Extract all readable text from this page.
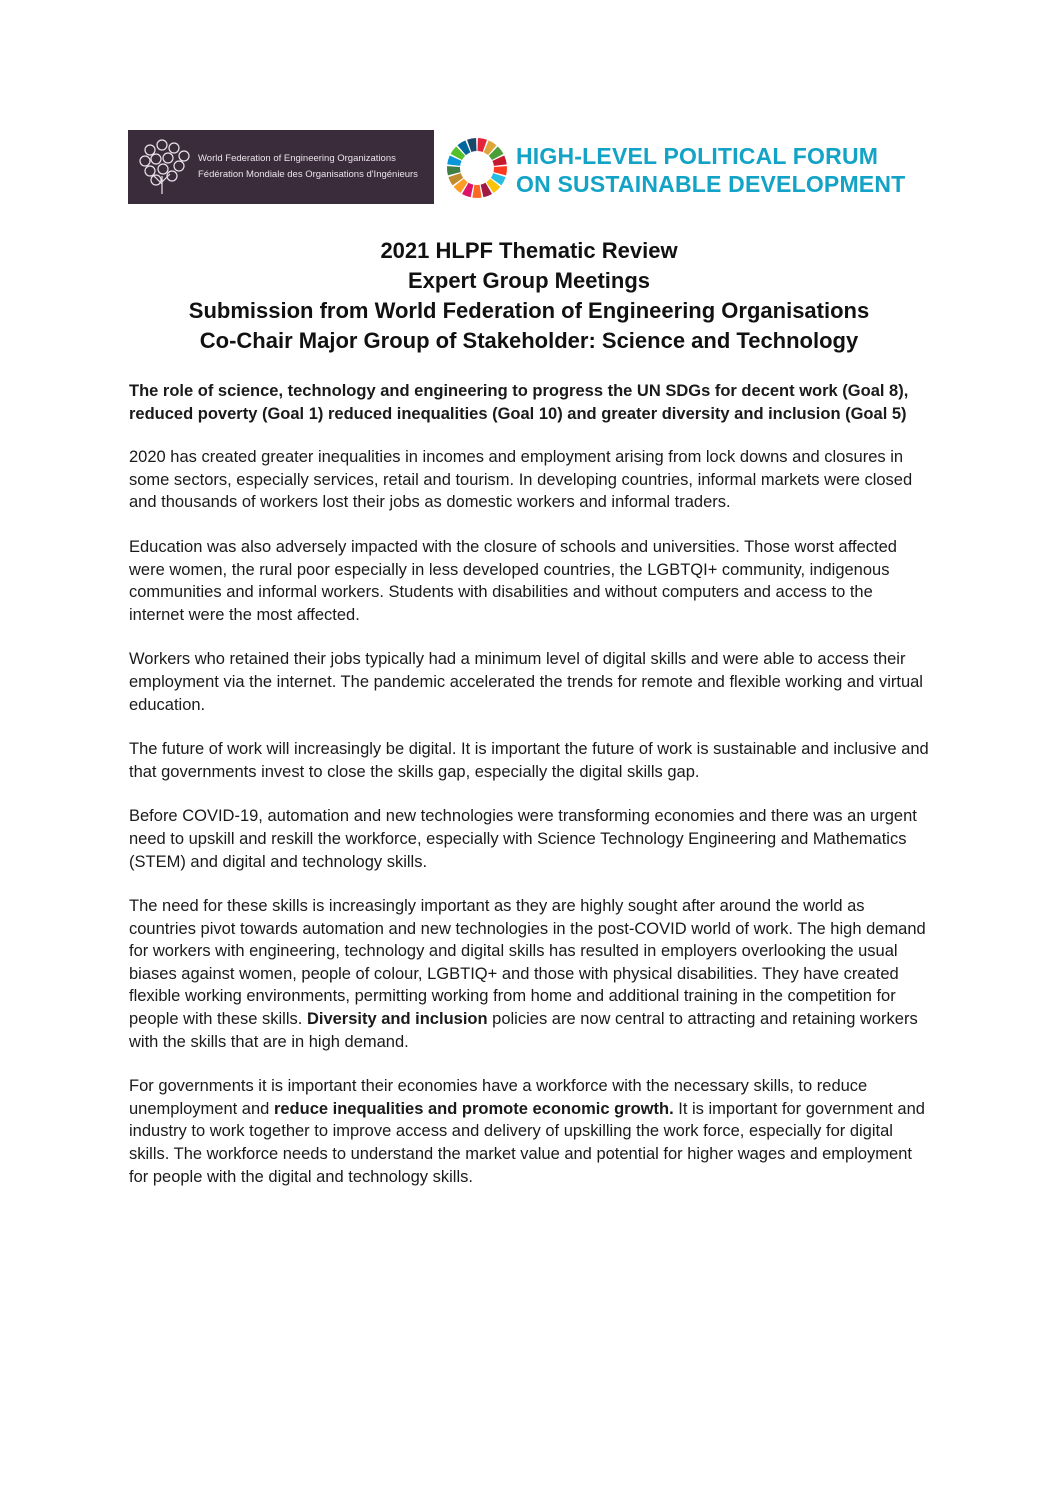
World Federation of Engineering Organizations
Fédération Mondiale des Organisations d'Ingénieurs
HIGH-LEVEL POLITICAL FORUM
ON SUSTAINABLE DEVELOPMENT
2021 HLPF Thematic Review
Expert Group Meetings
Submission from World Federation of Engineering Organisations
Co-Chair Major Group of Stakeholder: Science and Technology

The role of science, technology and engineering to progress the UN SDGs for decent work (Goal 8), reduced poverty (Goal 1) reduced inequalities (Goal 10) and greater diversity and inclusion (Goal 5)

2020 has created greater inequalities in incomes and employment arising from lock downs and closures in some sectors, especially services, retail and tourism. In developing countries, informal markets were closed and thousands of workers lost their jobs as domestic workers and informal traders.

Education was also adversely impacted with the closure of schools and universities. Those worst affected were women, the rural poor especially in less developed countries, the LGBTQI+ community, indigenous communities and informal workers. Students with disabilities and without computers and access to the internet were the most affected.

Workers who retained their jobs typically had a minimum level of digital skills and were able to access their employment via the internet. The pandemic accelerated the trends for remote and flexible working and virtual education.

The future of work will increasingly be digital. It is important the future of work is sustainable and inclusive and that governments invest to close the skills gap, especially the digital skills gap.

Before COVID-19, automation and new technologies were transforming economies and there was an urgent need to upskill and reskill the workforce, especially with Science Technology Engineering and Mathematics (STEM) and digital and technology skills.

The need for these skills is increasingly important as they are highly sought after around the world as countries pivot towards automation and new technologies in the post-COVID world of work. The high demand for workers with engineering, technology and digital skills has resulted in employers overlooking the usual biases against women, people of colour, LGBTIQ+ and those with physical disabilities. They have created flexible working environments, permitting working from home and additional training in the competition for people with these skills. Diversity and inclusion policies are now central to attracting and retaining workers with the skills that are in high demand.

For governments it is important their economies have a workforce with the necessary skills, to reduce unemployment and reduce inequalities and promote economic growth. It is important for government and industry to work together to improve access and delivery of upskilling the work force, especially for digital skills. The workforce needs to understand the market value and potential for higher wages and employment for people with the digital and technology skills.
